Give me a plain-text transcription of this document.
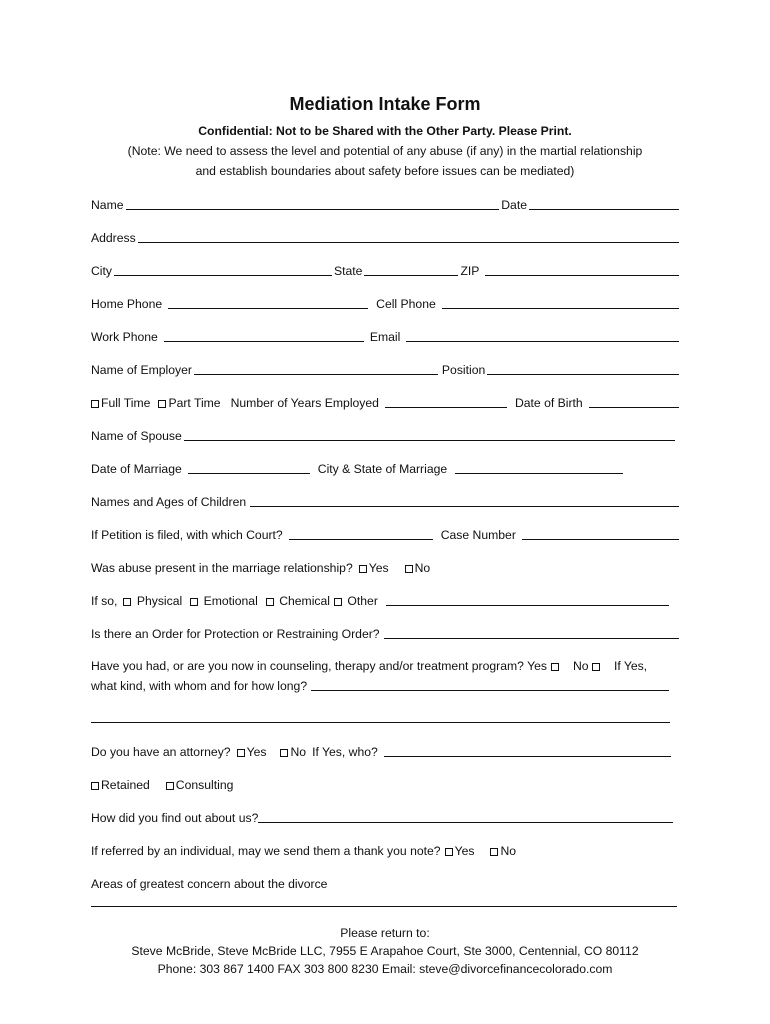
Mediation Intake Form
Confidential: Not to be Shared with the Other Party. Please Print.
(Note: We need to assess the level and potential of any abuse (if any) in the martial relationship
and establish boundaries about safety before issues can be mediated)
Name	Date
Address
City	State	ZIP
Home Phone	Cell Phone
Work Phone	Email
Name of Employer	Position
Full Time	Part Time Number of Years Employed	Date of Birth
Name of Spouse
Date of Marriage	City & State of Marriage
Names and Ages of Children
If Petition is filed, with which Court?	Case Number
Was abuse present in the marriage relationship?	Yes	No
If so,	Physical	Emotional	Chemical	Other
Is there an Order for Protection or Restraining Order?
Have you had, or are you now in counseling, therapy and/or treatment program? Yes No	If Yes,
what kind, with whom and for how long?
Do you have an attorney?	Yes	No If Yes, who?
Retained	Consulting
How did you find out about us?
If referred by an individual, may we send them a thank you note?	Yes	No
Areas of greatest concern about the divorce
Please return to:
Steve McBride, Steve McBride LLC, 7955 E Arapahoe Court, Ste 3000, Centennial, CO 80112
Phone: 303 867 1400 FAX 303 800 8230 Email: steve@divorcefinancecolorado.com
